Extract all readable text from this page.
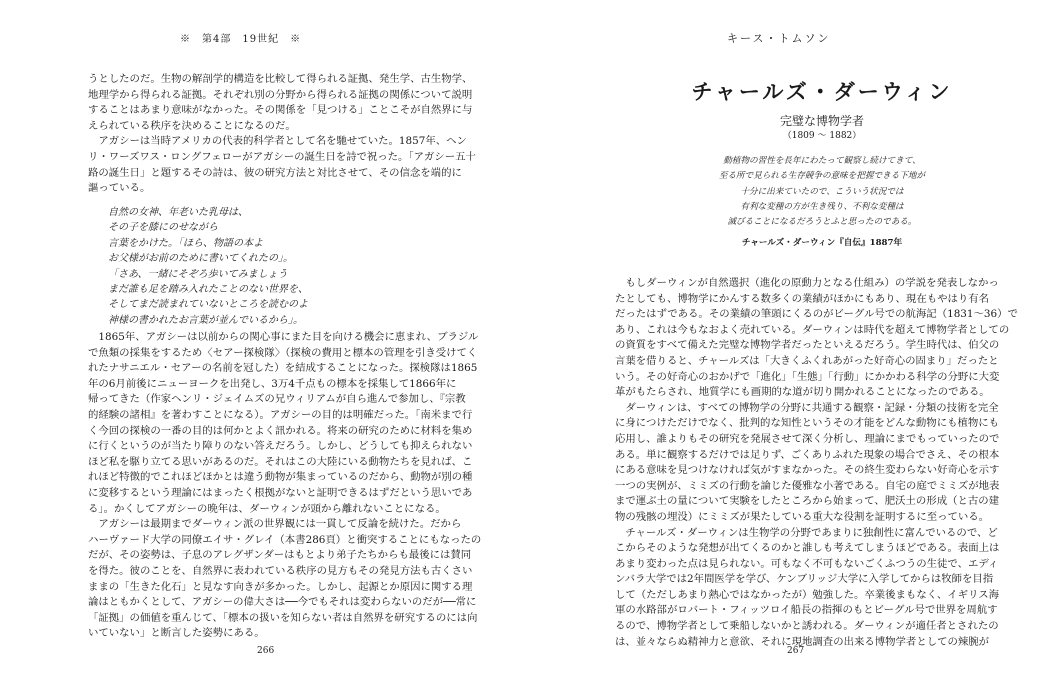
※　第4部　19世紀　※

うとしたのだ。生物の解剖学的構造を比較して得られる証拠、発生学、古生物学、

地理学から得られる証拠。それぞれ別の分野から得られる証拠の関係について説明

することはあまり意味がなかった。その関係を「見つける」ことこそが自然界に与

えられている秩序を決めることになるのだ。

　アガシーは当時アメリカの代表的科学者として名を馳せていた。1857年、ヘン

リ・ワーズワス・ロングフェローがアガシーの誕生日を詩で祝った。「アガシー五十

路の誕生日」と題するその詩は、彼の研究方法と対比させて、その信念を端的に

謳っている。

自然の女神、年老いた乳母は、

その子を膝にのせながら

言葉をかけた。「ほら、物語の本よ

お父様がお前のために書いてくれたの」。

「さあ、一緒にそぞろ歩いてみましょう

まだ誰も足を踏み入れたことのない世界を、

そしてまだ読まれていないところを読むのよ

神様の書かれたお言葉が並んでいるから」。

　1865年、アガシーは以前からの関心事にまた目を向ける機会に恵まれ、ブラジル

で魚類の採集をするため〈セアー探検隊〉（探検の費用と標本の管理を引き受けてく

れたナサニエル・セアーの名前を冠した）を結成することになった。探検隊は1865

年の6月前後にニューヨークを出発し、3万4千点もの標本を採集して1866年に

帰ってきた（作家ヘンリ・ジェイムズの兄ウィリアムが自ら進んで参加し、『宗教

的経験の諸相』を著わすことになる）。アガシーの目的は明確だった。「南米まで行

く今回の探検の一番の目的は何かとよく訊かれる。将来の研究のために材料を集め

に行くというのが当たり障りのない答えだろう。しかし、どうしても抑えられない

ほど私を駆り立てる思いがあるのだ。それはこの大陸にいる動物たちを見れば、こ

れほど特徴的でこれほどほかとは違う動物が集まっているのだから、動物が別の種

に変移するという理論にはまったく根拠がないと証明できるはずだという思いであ

る」。かくしてアガシーの晩年は、ダーウィンが頭から離れないことになる。

　アガシーは最期までダーウィン派の世界観には一貫して反論を続けた。だから

ハーヴァード大学の同僚エイサ・グレイ（本書286頁）と衝突することにもなったの

だが、その姿勢は、子息のアレグザンダーはもとより弟子たちからも最後には賛同

を得た。彼のことを、自然界に表われている秩序の見方もその発見方法も古くさい

ままの「生きた化石」と見なす向きが多かった。しかし、起源とか原因に関する理

論はともかくとして、アガシーの偉大さは──今でもそれは変わらないのだが──常に

「証拠」の価値を重んじて、「標本の扱いを知らない者は自然界を研究するのには向

いていない」と断言した姿勢にある。

266
キース・トムソン
チャールズ・ダーウィン
完璧な博物学者
（1809 〜 1882）

動植物の習性を長年にわたって観察し続けてきて、

至る所で見られる生存競争の意味を把握できる下地が

十分に出来ていたので、こういう状況では

有利な変種の方が生き残り、不利な変種は

滅びることになるだろうとふと思ったのである。

チャールズ・ダーウィン『自伝』1887年

　もしダーウィンが自然選択（進化の原動力となる仕組み）の学説を発表しなかっ

たとしても、博物学にかんする数多くの業績がほかにもあり、現在もやはり有名

だったはずである。その業績の筆頭にくるのがビーグル号での航海記（1831〜36）で

あり、これは今もなおよく売れている。ダーウィンは時代を超えて博物学者としての

の資質をすべて備えた完璧な博物学者だったといえるだろう。学生時代は、伯父の

言葉を借りると、チャールズは「大きくふくれあがった好奇心の固まり」だったと

いう。その好奇心のおかげで「進化」「生態」「行動」にかかわる科学の分野に大変

革がもたらされ、地質学にも画期的な道が切り開かれることになったのである。

　ダーウィンは、すべての博物学の分野に共通する観察・記録・分類の技術を完全

に身につけただけでなく、批判的な知性というその才能をどんな動物にも植物にも

応用し、誰よりもその研究を発展させて深く分析し、理論にまでもっていったので

ある。単に観察するだけでは足りず、ごくありふれた現象の場合でさえ、その根本

にある意味を見つけなければ気がすまなかった。その終生変わらない好奇心を示す

一つの実例が、ミミズの行動を論じた優雅な小著である。自宅の庭でミミズが地表

まで運ぶ土の量について実験をしたところから始まって、肥沃土の形成（と古の建

物の残骸の埋没）にミミズが果たしている重大な役割を証明するに至っている。

　チャールズ・ダーウィンは生物学の分野であまりに独創性に富んでいるので、ど

こからそのような発想が出てくるのかと誰しも考えてしまうほどである。表面上は

あまり変わった点は見られない。可もなく不可もないごくふつうの生徒で、エディ

ンバラ大学では2年間医学を学び、ケンブリッジ大学に入学してからは牧師を目指

して（ただしあまり熱心ではなかったが）勉強した。卒業後まもなく、イギリス海

軍の水路部がロバート・フィッツロイ船長の指揮のもとビーグル号で世界を周航す

るので、博物学者として乗船しないかと誘われる。ダーウィンが適任者とされたの

は、並々ならぬ精神力と意欲、それに現地調査の出来る博物学者としての辣腕が

267
